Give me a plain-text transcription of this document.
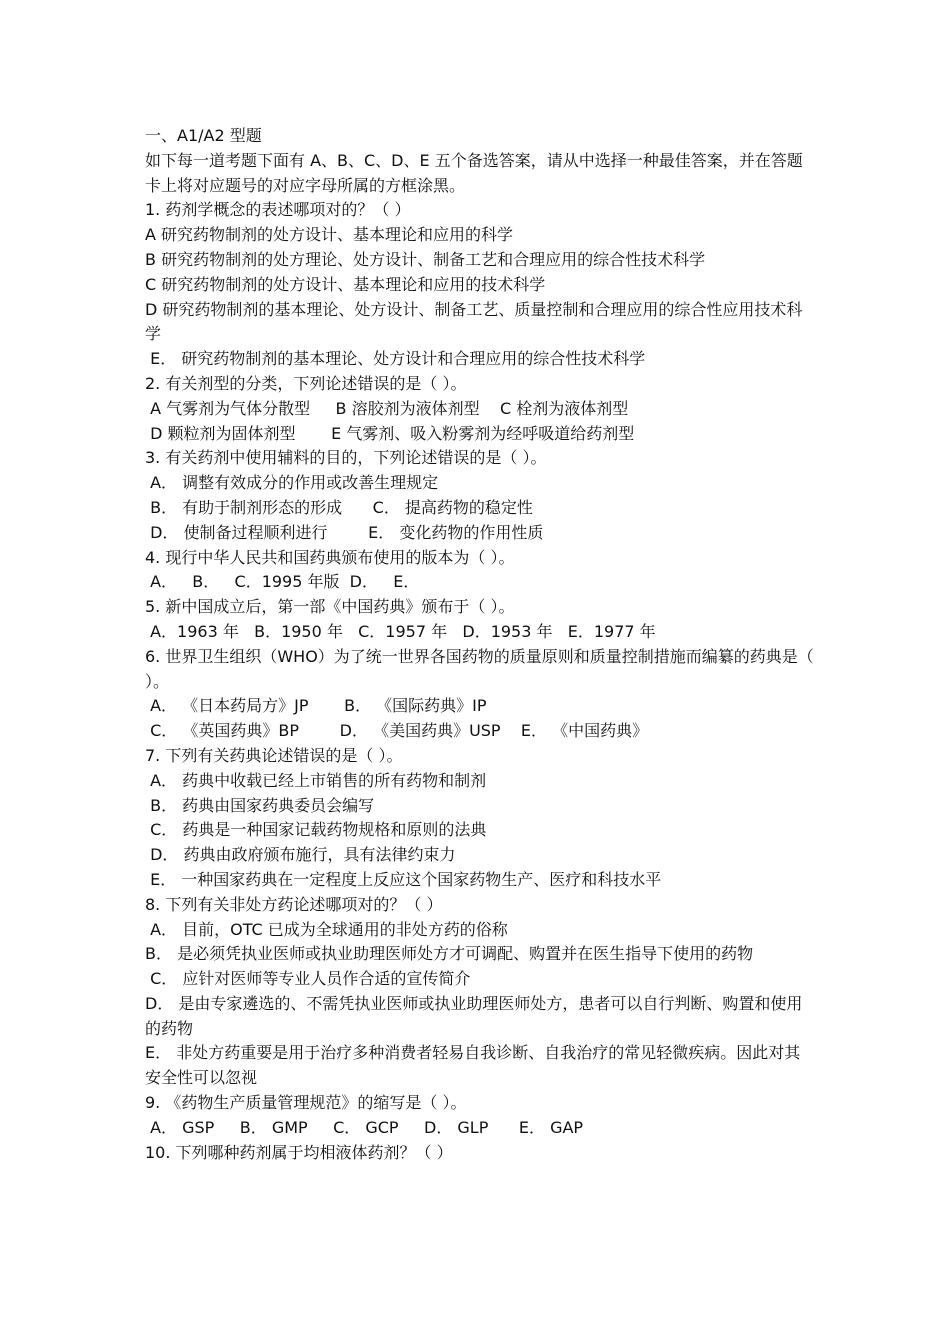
一、A1/A2 型题
如下每一道考题下面有 A、B、C、D、E 五个备选答案，请从中选择一种最佳答案，并在答题卡上将对应题号的对应字母所属的方框涂黑。
1. 药剂学概念的表述哪项对的？（ ）
A 研究药物制剂的处方设计、基本理论和应用的科学
B 研究药物制剂的处方理论、处方设计、制备工艺和合理应用的综合性技术科学
C 研究药物制剂的处方设计、基本理论和应用的技术科学
D 研究药物制剂的基本理论、处方设计、制备工艺、质量控制和合理应用的综合性应用技术科学
E． 研究药物制剂的基本理论、处方设计和合理应用的综合性技术科学
2. 有关剂型的分类，下列论述错误的是（ ）。
A 气雾剂为气体分散型     B 溶胶剂为液体剂型    C 栓剂为液体剂型
D 颗粒剂为固体剂型       E 气雾剂、吸入粉雾剂为经呼吸道给药剂型
3. 有关药剂中使用辅料的目的，下列论述错误的是（ ）。
A． 调整有效成分的作用或改善生理规定
B． 有助于制剂形态的形成      C． 提高药物的稳定性
D． 使制备过程顺利进行        E． 变化药物的作用性质
4. 现行中华人民共和国药典颁布使用的版本为（ ）。
A．   B．   C．1995 年版  D．   E．
5. 新中国成立后，第一部《中国药典》颁布于（ ）。
A．1963 年   B．1950 年   C．1957 年   D．1953 年   E．1977 年
6. 世界卫生组织（WHO）为了统一世界各国药物的质量原则和质量控制措施而编纂的药典是（ ）。
A． 《日本药局方》JP       B． 《国际药典》IP
C． 《英国药典》BP        D． 《美国药典》USP    E． 《中国药典》
7. 下列有关药典论述错误的是（ ）。
A． 药典中收载已经上市销售的所有药物和制剂
B． 药典由国家药典委员会编写
C． 药典是一种国家记载药物规格和原则的法典
D． 药典由政府颁布施行，具有法律约束力
E． 一种国家药典在一定程度上反应这个国家药物生产、医疗和科技水平
8. 下列有关非处方药论述哪项对的？（ ）
A． 目前，OTC 已成为全球通用的非处方药的俗称
B． 是必须凭执业医师或执业助理医师处方才可调配、购置并在医生指导下使用的药物
C． 应针对医师等专业人员作合适的宣传简介
D． 是由专家遴选的、不需凭执业医师或执业助理医师处方，患者可以自行判断、购置和使用的药物
E． 非处方药重要是用于治疗多种消费者轻易自我诊断、自我治疗的常见轻微疾病。因此对其安全性可以忽视
9. 《药物生产质量管理规范》的缩写是（ ）。
A． GSP     B． GMP     C． GCP     D． GLP      E． GAP
10. 下列哪种药剂属于均相液体药剂？（ ）
